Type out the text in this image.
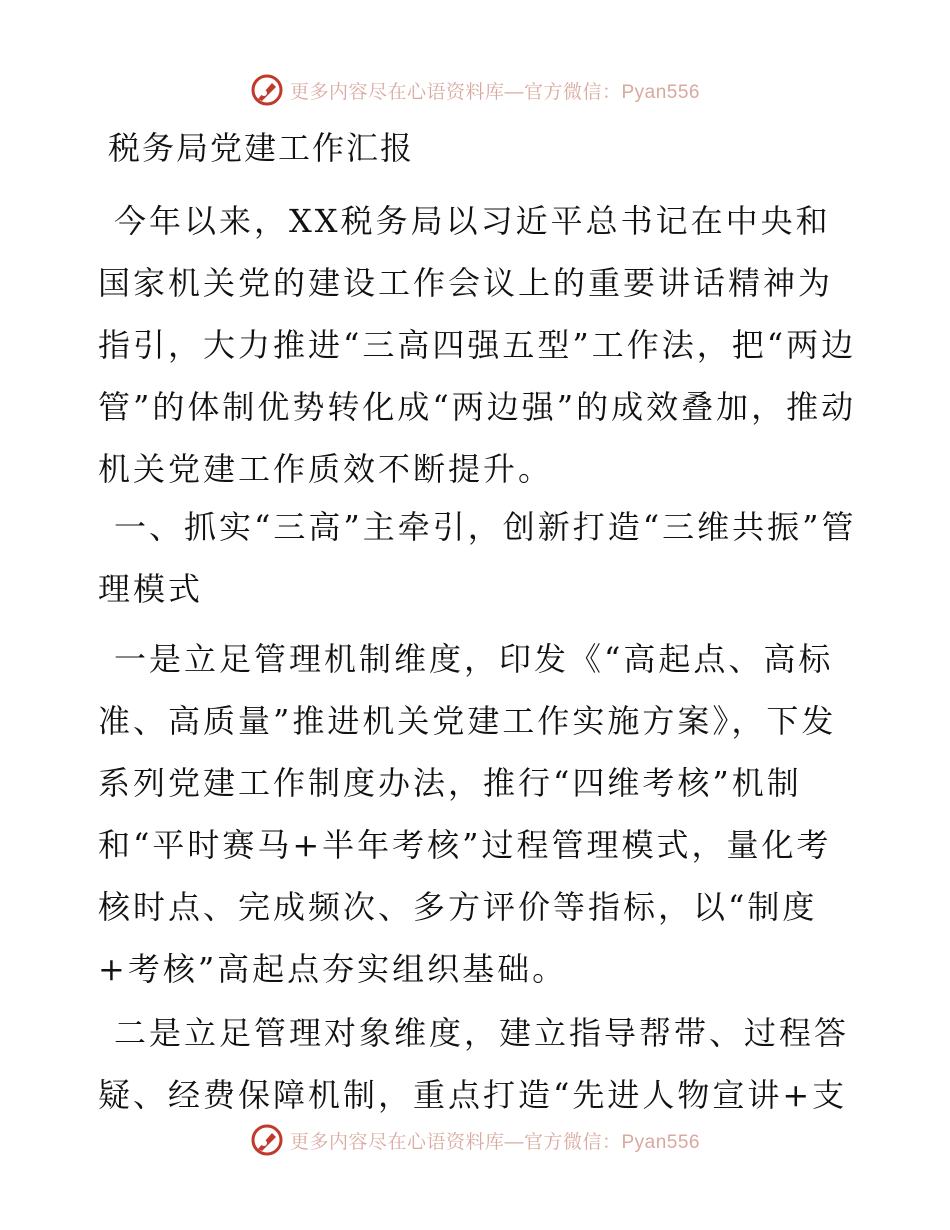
更多内容尽在心语资料库—官方微信：Pyan556
税务局党建工作汇报
今年以来，XX税务局以习近平总书记在中央和国家机关党的建设工作会议上的重要讲话精神为指引，大力推进“三高四强五型”工作法，把“两边管”的体制优势转化成“两边强”的成效叠加，推动机关党建工作质效不断提升。
一、抓实“三高”主牵引，创新打造“三维共振”管理模式
一是立足管理机制维度，印发《“高起点、高标准、高质量”推进机关党建工作实施方案》，下发系列党建工作制度办法，推行“四维考核”机制和“平时赛马+半年考核”过程管理模式，量化考核时点、完成频次、多方评价等指标，以“制度+考核”高起点夯实组织基础。
二是立足管理对象维度，建立指导帮带、过程答疑、经费保障机制，重点打造“先进人物宣讲+支
更多内容尽在心语资料库—官方微信：Pyan556
